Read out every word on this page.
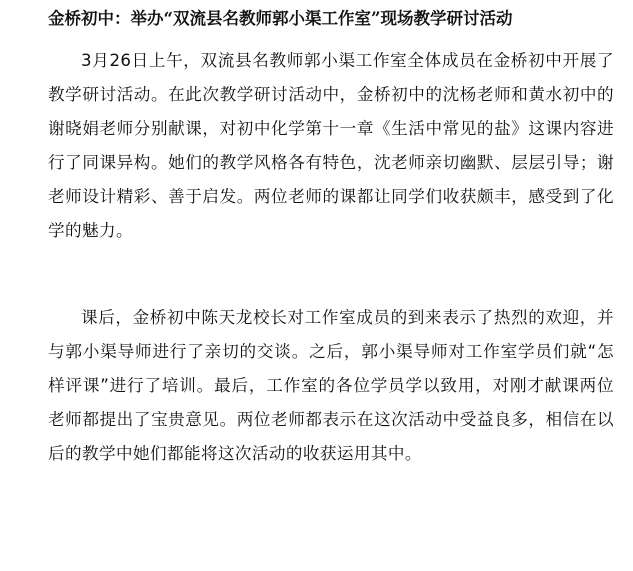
金桥初中：举办“双流县名教师郭小渠工作室”现场教学研讨活动
3月26日上午，双流县名教师郭小渠工作室全体成员在金桥初中开展了教学研讨活动。在此次教学研讨活动中，金桥初中的沈杨老师和黄水初中的谢晓娟老师分别献课，对初中化学第十一章《生活中常见的盐》这课内容进行了同课异构。她们的教学风格各有特色，沈老师亲切幽默、层层引导；谢老师设计精彩、善于启发。两位老师的课都让同学们收获颇丰，感受到了化学的魅力。
课后，金桥初中陈天龙校长对工作室成员的到来表示了热烈的欢迎，并与郭小渠导师进行了亲切的交谈。之后，郭小渠导师对工作室学员们就“怎样评课”进行了培训。最后，工作室的各位学员学以致用，对刚才献课两位老师都提出了宝贵意见。两位老师都表示在这次活动中受益良多，相信在以后的教学中她们都能将这次活动的收获运用其中。
